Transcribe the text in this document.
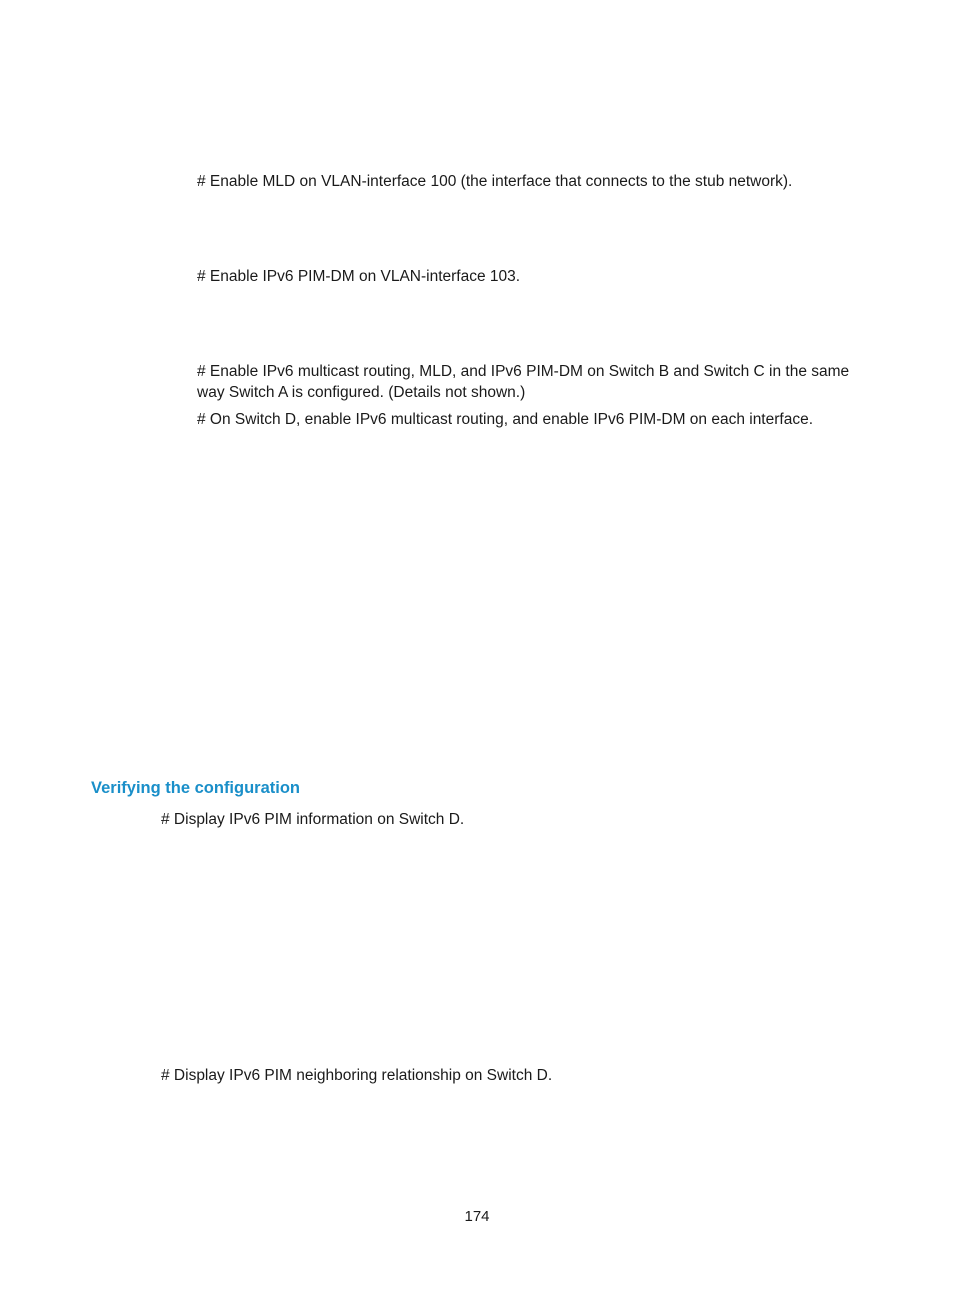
# Enable MLD on VLAN-interface 100 (the interface that connects to the stub network).

# Enable IPv6 PIM-DM on VLAN-interface 103.

# Enable IPv6 multicast routing, MLD, and IPv6 PIM-DM on Switch B and Switch C in the same way Switch A is configured. (Details not shown.)

# On Switch D, enable IPv6 multicast routing, and enable IPv6 PIM-DM on each interface.

Verifying the configuration

# Display IPv6 PIM information on Switch D.

# Display IPv6 PIM neighboring relationship on Switch D.

174
